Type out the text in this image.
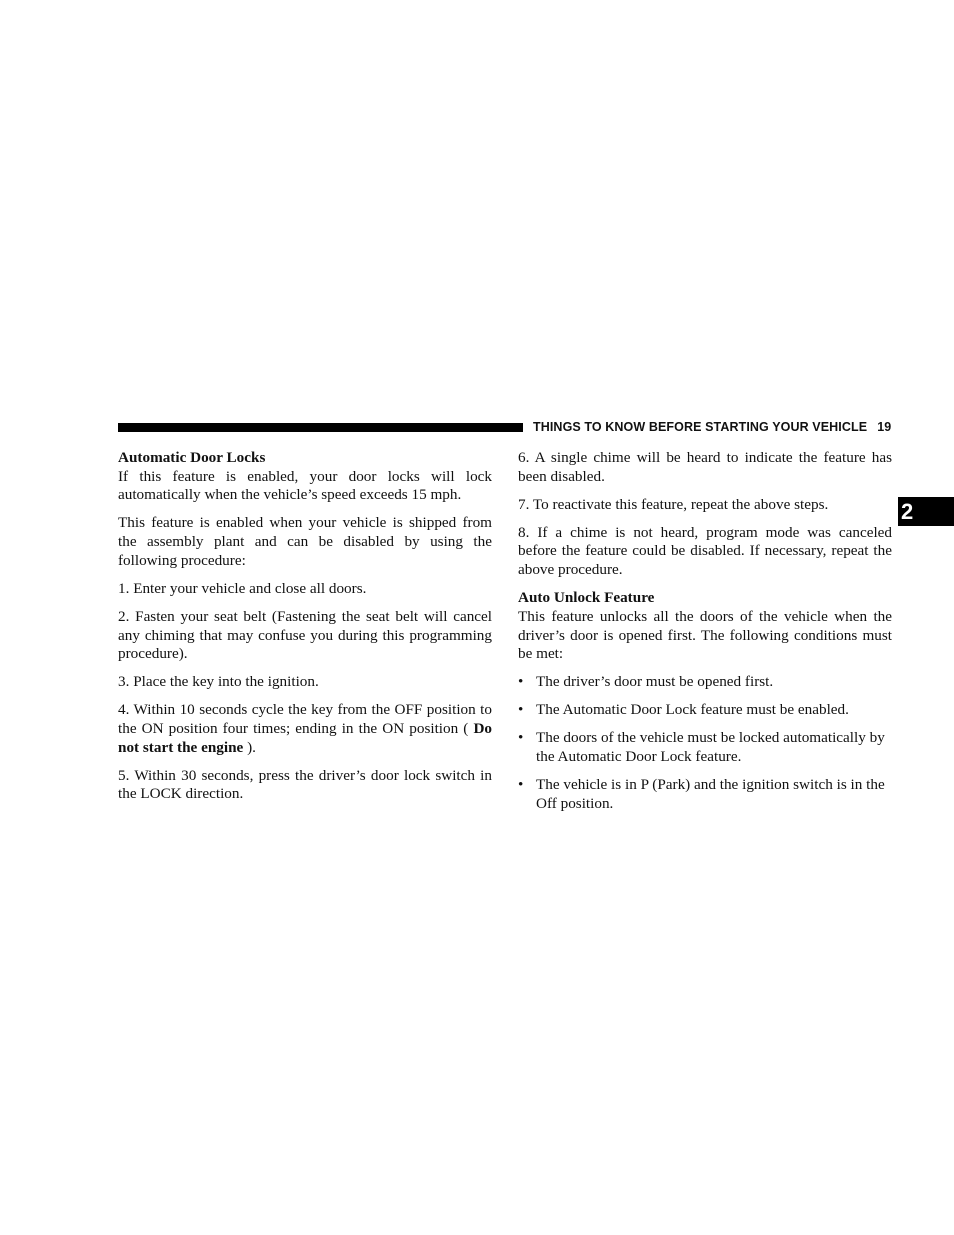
THINGS TO KNOW BEFORE STARTING YOUR VEHICLE 19
2
Automatic Door Locks

If this feature is enabled, your door locks will lock automatically when the vehicle’s speed exceeds 15 mph.

This feature is enabled when your vehicle is shipped from the assembly plant and can be disabled by using the following procedure:

1. Enter your vehicle and close all doors.

2. Fasten your seat belt (Fastening the seat belt will cancel any chiming that may confuse you during this programming procedure).

3. Place the key into the ignition.

4. Within 10 seconds cycle the key from the OFF position to the ON position four times; ending in the ON position ( Do not start the engine ).

5. Within 30 seconds, press the driver’s door lock switch in the LOCK direction.

6. A single chime will be heard to indicate the feature has been disabled.

7. To reactivate this feature, repeat the above steps.

8. If a chime is not heard, program mode was canceled before the feature could be disabled. If necessary, repeat the above procedure.

Auto Unlock Feature

This feature unlocks all the doors of the vehicle when the driver’s door is opened first. The following conditions must be met:

• The driver’s door must be opened first.
• The Automatic Door Lock feature must be enabled.
• The doors of the vehicle must be locked automatically by the Automatic Door Lock feature.
• The vehicle is in P (Park) and the ignition switch is in the Off position.
